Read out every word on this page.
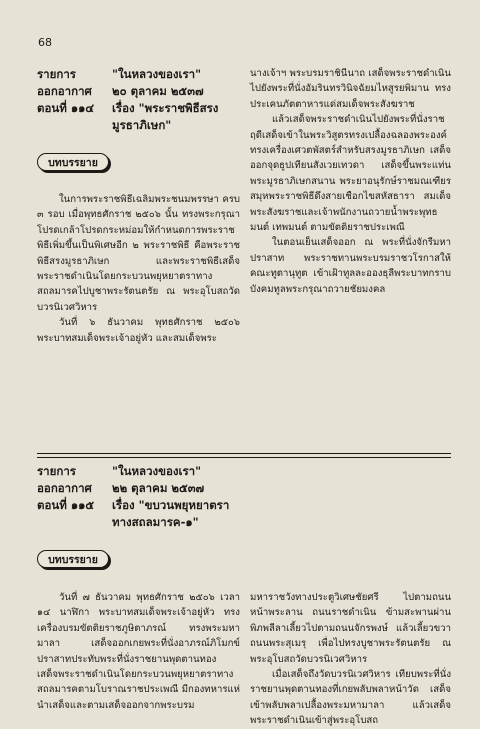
68
รายการ	"ในหลวงของเรา"
ออกอากาศ	๒๐ ตุลาคม ๒๕๓๗
ตอนที่ ๑๑๔	เรื่อง "พระราชพิธีสรง มูรธาภิเษก"
บทบรรยาย

ในการพระราชพิธีเฉลิมพระชนมพรรษา ครบ ๓ รอบ เมื่อพุทธศักราช ๒๕๐๖ นั้น ทรงพระกรุณาโปรดเกล้าโปรดกระหม่อมให้กำหนดการพระราชพิธีเพิ่มขึ้นเป็นพิเศษอีก ๒ พระราชพิธี คือพระราชพิธีสรงมูรธาภิเษก และพระราชพิธีเสด็จพระราชดำเนินโดยกระบวนพยุหยาตราทางสถลมารคไปบูชาพระรัตนตรัย ณ พระอุโบสถวัดบวรนิเวศวิหาร

วันที่ ๖ ธันวาคม พุทธศักราช ๒๕๐๖ พระบาทสมเด็จพระเจ้าอยู่หัว และสมเด็จพระ

นางเจ้าฯ พระบรมราชินีนาถ เสด็จพระราชดำเนินไปยังพระที่นั่งอัมรินทรวินิจฉัยมไหสูรยพิมาน ทรงประเคนภัตตาหารแด่สมเด็จพระสังฆราช

แล้วเสด็จพระราชดำเนินไปยังพระที่นั่งราชฤดีเสด็จเข้าในพระวิสูตรทรงเปลื้องฉลองพระองค์ ทรงเครื่องเศวตพัสตร์สำหรับสรงมูรธาภิเษก เสด็จออกจุดธูปเทียนสังเวยเทวดา เสด็จขึ้นพระแท่นพระมูรธาภิเษกสนาน พระยาอนุรักษ์ราชมณเฑียร สมุหพระราชพิธีดึงสายเชือกไขสหัสธารา สมเด็จพระสังฆราชและเจ้าพนักงานถวายน้ำพระพุทธมนต์ เทพมนต์ ตามขัตติยราชประเพณี

ในตอนเย็นเสด็จออก ณ พระที่นั่งจักรีมหาปราสาท พระราชทานพระบรมราชวโรกาสให้คณะทูตานุทูต เข้าเฝ้าทูลละอองธุลีพระบาทกราบบังคมทูลพระกรุณาถวายชัยมงคล

รายการ	"ในหลวงของเรา"
ออกอากาศ	๒๒ ตุลาคม ๒๕๓๗
ตอนที่ ๑๑๕	เรื่อง "ขบวนพยุหยาตรา ทางสถลมารค-๑"
บทบรรยาย

วันที่ ๗ ธันวาคม พุทธศักราช ๒๕๐๖ เวลา ๑๔ นาฬิกา พระบาทสมเด็จพระเจ้าอยู่หัว ทรงเครื่องบรมขัตติยราชภูษิตาภรณ์ ทรงพระมหามาลา เสด็จออกเกยพระที่นั่งอาภรณ์ภิโมกข์ปราสาทประทับพระที่นั่งราชยานพุดตานทอง เสด็จพระราชดำเนินโดยกระบวนพยุหยาตราทางสถลมารคตามโบราณราชประเพณี มีกองทหารแห่นำเสด็จและตามเสด็จออกจากพระบรม

มหาราชวังทางประตูวิเศษชัยศรี ไปตามถนนหน้าพระลาน ถนนราชดำเนิน ข้ามสะพานผ่านพิภพลีลาเลี้ยวไปตามถนนจักรพงษ์ แล้วเลี้ยวขวาถนนพระสุเมรุ เพื่อไปทรงบูชาพระรัตนตรัย ณ พระอุโบสถวัดบวรนิเวศวิหาร

เมื่อเสด็จถึงวัดบวรนิเวศวิหาร เทียบพระที่นั่งราชยานพุดตานทองที่เกยพลับพลาหน้าวัด เสด็จเข้าพลับพลาเปลื้องพระมหามาลา แล้วเสด็จพระราชดำเนินเข้าสู่พระอุโบสถ
